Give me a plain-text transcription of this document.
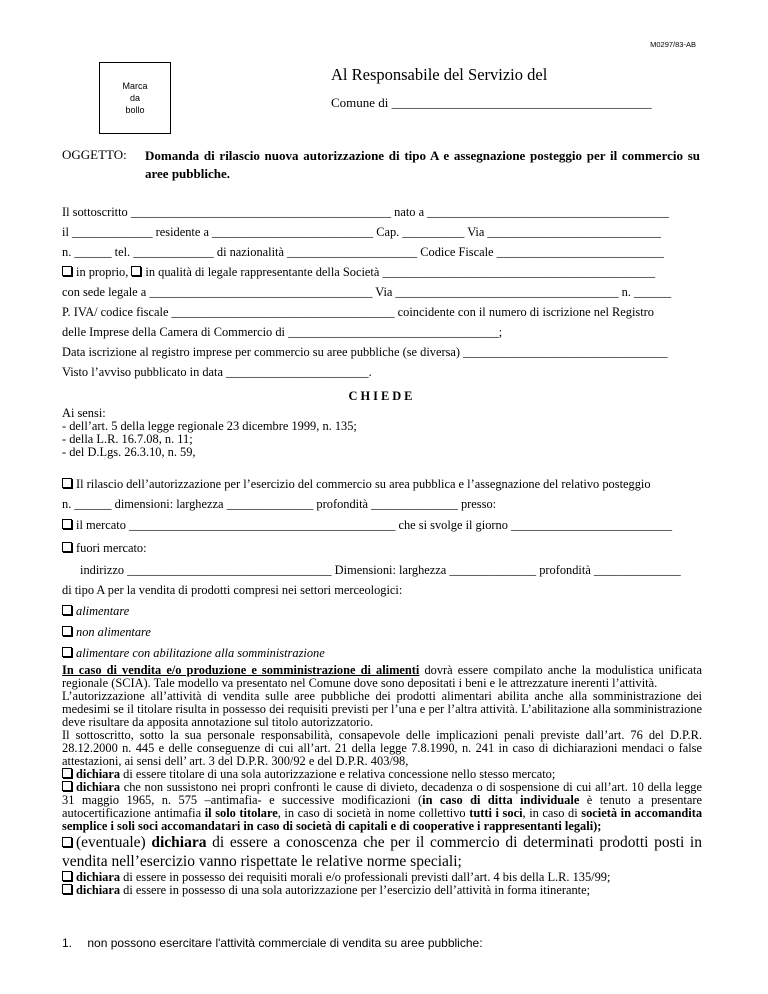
M0297/83-AB
Marca
da
bollo
Al Responsabile del Servizio del
Comune di ________________________________________
OGGETTO: Domanda di rilascio nuova autorizzazione di tipo A e assegnazione posteggio per il commercio su aree pubbliche.
Il sottoscritto __________________________________________ nato a _______________________________________
il _____________ residente a __________________________ Cap. __________ Via ____________________________
n. ______ tel. _____________ di nazionalità _____________________ Codice Fiscale ___________________________
in proprio, in qualità di legale rappresentante della Società ____________________________________________
con sede legale a ____________________________________ Via ____________________________________ n. ______
P. IVA/ codice fiscale ____________________________________ coincidente con il numero di iscrizione nel Registro
delle Imprese della Camera di Commercio di __________________________________;
Data iscrizione al registro imprese per commercio su aree pubbliche (se diversa) _________________________________
Visto l’avviso pubblicato in data _______________________.
CHIEDE
Ai sensi:
- dell’art. 5 della legge regionale 23 dicembre 1999, n. 135;
- della L.R. 16.7.08, n. 11;
- del D.Lgs. 26.3.10, n. 59,
Il rilascio dell’autorizzazione per l’esercizio del commercio su area pubblica e l’assegnazione del relativo posteggio
n. ______ dimensioni: larghezza ______________ profondità ______________ presso:
il mercato ___________________________________________ che si svolge il giorno __________________________
fuori mercato:
indirizzo _________________________________ Dimensioni: larghezza ______________ profondità ______________
di tipo A per la vendita di prodotti compresi nei settori merceologici:
alimentare
non alimentare
alimentare con abilitazione alla somministrazione
In caso di vendita e/o produzione e somministrazione di alimenti dovrà essere compilato anche la modulistica unificata regionale (SCIA). Tale modello va presentato nel Comune dove sono depositati i beni e le attrezzature inerenti l’attività.
L’autorizzazione all’attività di vendita sulle aree pubbliche dei prodotti alimentari abilita anche alla somministrazione dei medesimi se il titolare risulta in possesso dei requisiti previsti per l’una e per l’altra attività. L’abilitazione alla somministrazione deve risultare da apposita annotazione sul titolo autorizzatorio.
Il sottoscritto, sotto la sua personale responsabilità, consapevole delle implicazioni penali previste dall’art. 76 del D.P.R. 28.12.2000 n. 445 e delle conseguenze di cui all’art. 21 della legge 7.8.1990, n. 241 in caso di dichiarazioni mendaci o false attestazioni, ai sensi dell’ art. 3 del D.P.R. 300/92 e del D.P.R. 403/98,
dichiara di essere titolare di una sola autorizzazione e relativa concessione nello stesso mercato;
dichiara che non sussistono nei propri confronti le cause di divieto, decadenza o di sospensione di cui all’art. 10 della legge 31 maggio 1965, n. 575 –antimafia- e successive modificazioni (in caso di ditta individuale è tenuto a presentare autocertificazione antimafia il solo titolare, in caso di società in nome collettivo tutti i soci, in caso di società in accomandita semplice i soli soci accomandatari in caso di società di capitali e di cooperative i rappresentanti legali);
(eventuale) dichiara di essere a conoscenza che per il commercio di determinati prodotti posti in vendita nell’esercizio vanno rispettate le relative norme speciali;
dichiara di essere in possesso dei requisiti morali e/o professionali previsti dall’art. 4 bis della L.R. 135/99;
dichiara di essere in possesso di una sola autorizzazione per l’esercizio dell’attività in forma itinerante;
1. non possono esercitare l'attività commerciale di vendita su aree pubbliche:
